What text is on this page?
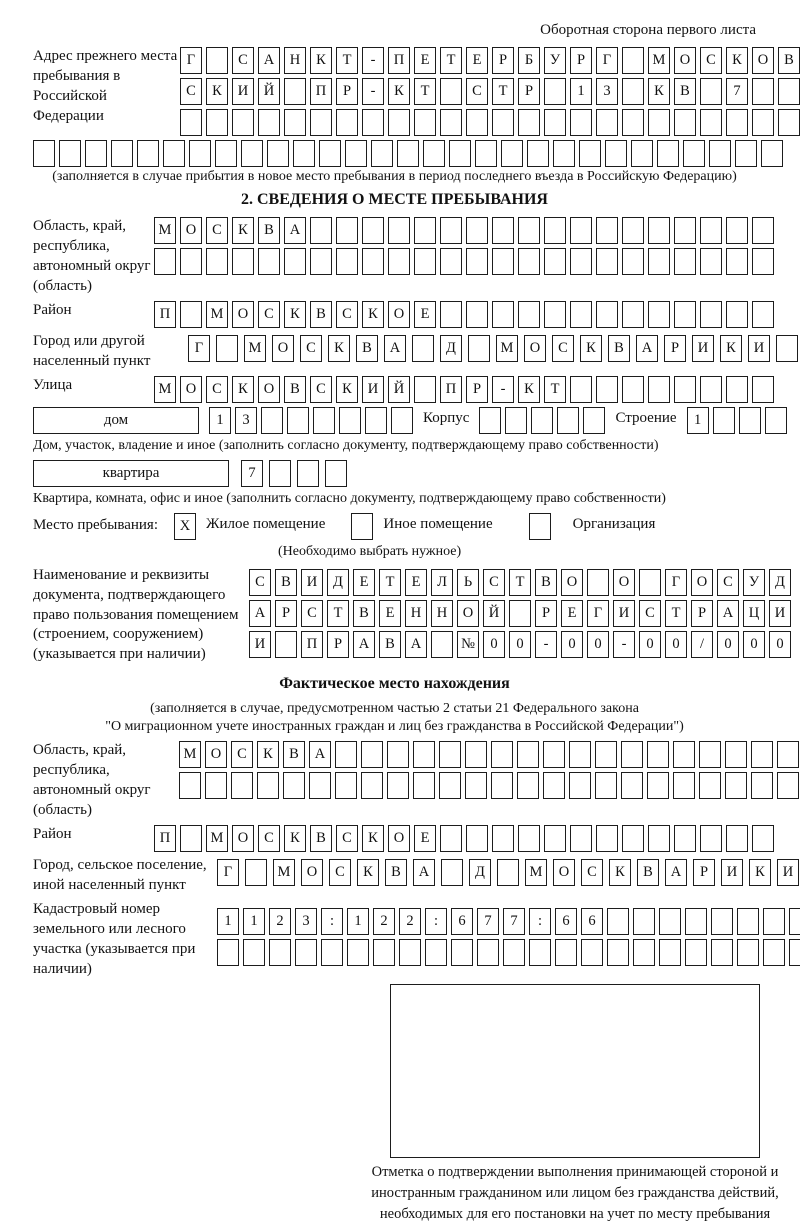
Оборотная сторона первого листа
Адрес прежнего места пребывания в Российской Федерации
Г	С	А	Н	К	Т	-	П	Е	Т	Е	Р	Б	У	Р	Г	М О	С	К	О	В
С	К	И	Й	П	Р	-	К	Т	С	Т	Р	1	3	К	В	7
(заполняется в случае прибытия в новое место пребывания в период последнего въезда в Российскую Федерацию)
2. СВЕДЕНИЯ О МЕСТЕ ПРЕБЫВАНИЯ
Область, край, республика, автономный округ (область)
М О	С	К	В	А
Район	П	М О	С	К	В	С	К	О	Е
Город или другой населенный пункт
Г	М	О	С	К	В	А	Д	М	О	С	К	В	А	Р	И	К	И
Улица	М О	С	К	О	В	С	К	И	Й	П	Р	-	К	Т
дом	1	3	Корпус	Строение	1
Дом, участок, владение и иное (заполнить согласно документу, подтверждающему право собственности)
квартира	7
Квартира, комната, офис и иное (заполнить согласно документу, подтверждающему право собственности)
Место пребывания:	X	Жилое помещение	Иное помещение	Организация
(Необходимо выбрать нужное)
Наименование и реквизиты документа, подтверждающего право пользования помещением (строением, сооружением) (указывается при наличии)
С	В	И	Д	Е	Т	Е	Л	Ь	С	Т	В	О	О	Г	О	С	У	Д
А	Р	С	Т	В	Е	Н	Н	О	Й	Р	Е	Г	И	С	Т	Р	А	Ц	И
И	П	Р	А	В	А	№	0	0	-	0	0	-	0	0	/	0	0	0
Фактическое место нахождения
(заполняется в случае, предусмотренном частью 2 статьи 21 Федерального закона
"О миграционном учете иностранных граждан и лиц без гражданства в Российской Федерации")
Область, край, республика, автономный округ (область)
М О	С	К	В	А
Район	П	М О	С	К	В	С	К	О	Е
Город, сельское поселение, иной населенный пункт
Г	М	О	С	К	В	А	Д	М	О	С	К	В	А	Р	И	К	И
Кадастровый номер земельного или лесного участка (указывается при наличии)
1	1	2	3	:	1	2	2	:	6	7	7	:	6	6
Отметка о подтверждении выполнения принимающей стороной и иностранным гражданином или лицом без гражданства действий, необходимых для его постановки на учет по месту пребывания
